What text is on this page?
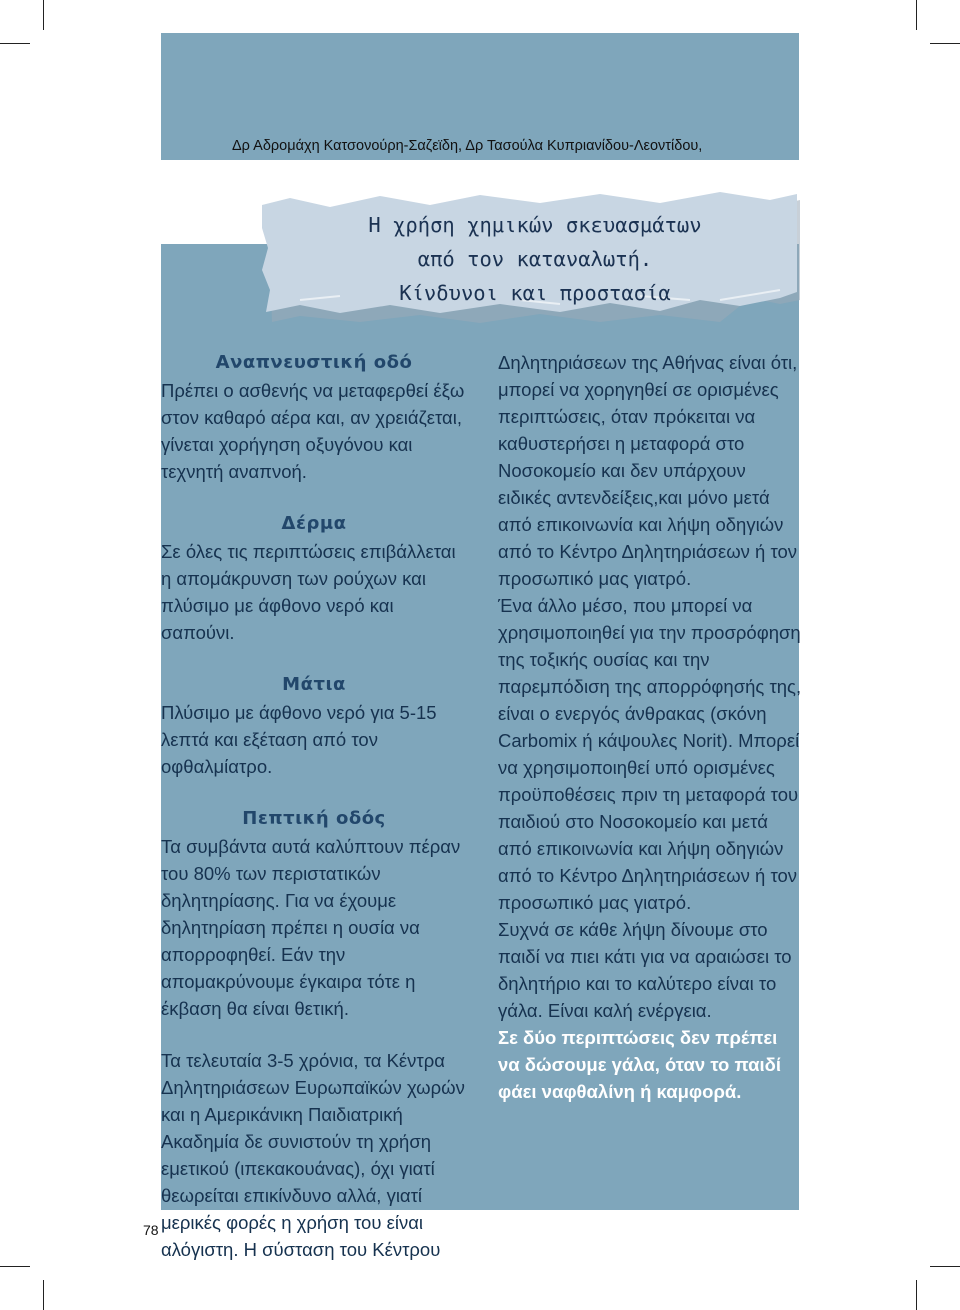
Δρ Αδρομάχη Κατσονούρη-Σαζεϊδη, Δρ Τασούλα Κυπριανίδου-Λεοντίδου,
Η χρήση χημικών σκευασμάτων
από τον καταναλωτή.
Κίνδυνοι και προστασία
Αναπνευστική οδό

Πρέπει ο ασθενής να μεταφερθεί έξω στον καθαρό αέρα και, αν χρειάζεται, γίνεται χορήγηση οξυγόνου και τεχνητή αναπνοή.

Δέρμα

Σε όλες τις περιπτώσεις επιβάλλεται η απομάκρυνση των ρούχων και πλύσιμο με άφθονο νερό και σαπούνι.

Μάτια

Πλύσιμο με άφθονο νερό για 5-15 λεπτά και εξέταση από τον οφθαλμίατρο.

Πεπτική οδός

Τα συμβάντα αυτά καλύπτουν πέραν του 80% των περιστατικών δηλητηρίασης. Για να έχουμε δηλητηρίαση πρέπει η ουσία να απορροφηθεί. Εάν την απομακρύνουμε έγκαιρα τότε η έκβαση θα είναι θετική.

Τα τελευταία 3-5 χρόνια, τα Κέντρα Δηλητηριάσεων Ευρωπαϊκών χωρών και η Αμερικάνικη Παιδιατρική Ακαδημία δε συνιστούν τη χρήση εμετικού (ιπεκακουάνας), όχι γιατί θεωρείται επικίνδυνο αλλά, γιατί μερικές φορές η χρήση του είναι αλόγιστη. Η σύσταση του Κέντρου

Δηλητηριάσεων της Αθήνας είναι ότι, μπορεί να χορηγηθεί σε ορισμένες περιπτώσεις, όταν πρόκειται να καθυστερήσει η μεταφορά στο Νοσοκομείο και δεν υπάρχουν ειδικές αντενδείξεις,και μόνο μετά από επικοινωνία και λήψη οδηγιών από το Κέντρο Δηλητηριάσεων ή τον προσωπικό μας γιατρό.

Ένα άλλο μέσο, που μπορεί να χρησιμοποιηθεί για την προσρόφηση της τοξικής ουσίας και την παρεμπόδιση της απορρόφησής της, είναι ο ενεργός άνθρακας (σκόνη Carbomix ή κάψουλες Norit). Μπορεί να χρησιμοποιηθεί υπό ορισμένες προϋποθέσεις πριν τη μεταφορά του παιδιού στο Νοσοκομείο και μετά από επικοινωνία και λήψη οδηγιών από το Κέντρο Δηλητηριάσεων ή τον προσωπικό μας γιατρό.

Συχνά σε κάθε λήψη δίνουμε στο παιδί να πιει κάτι για να αραιώσει το δηλητήριο και το καλύτερο είναι το γάλα. Είναι καλή ενέργεια.

Σε δύο περιπτώσεις δεν πρέπει να δώσουμε γάλα, όταν το παιδί φάει ναφθαλίνη ή καμφορά.

78
